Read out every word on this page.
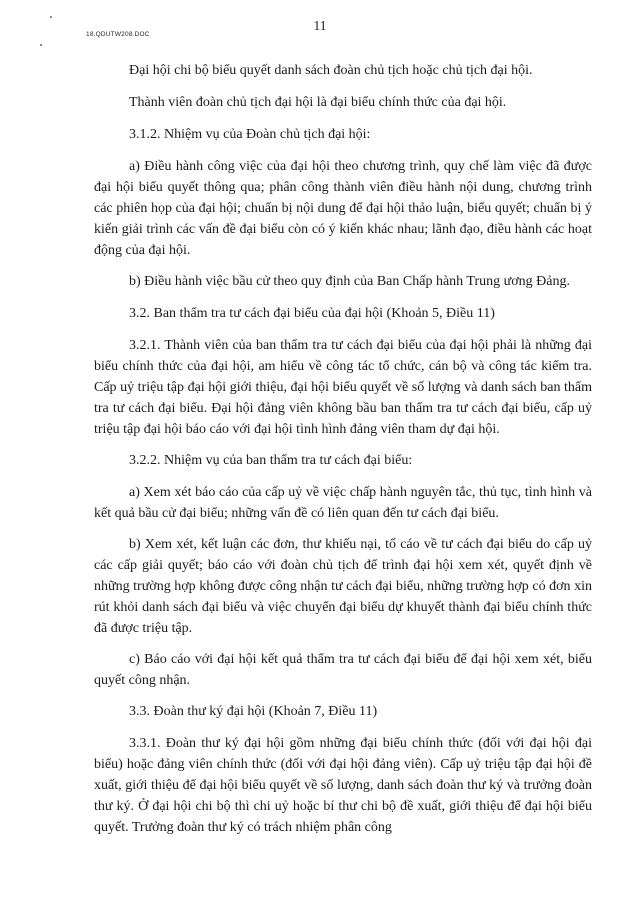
18.QDUTW208.DOC
11

Đại hội chi bộ biểu quyết danh sách đoàn chủ tịch hoặc chủ tịch đại hội.

Thành viên đoàn chủ tịch đại hội là đại biểu chính thức của đại hội.

3.1.2. Nhiệm vụ của Đoàn chủ tịch đại hội:

a) Điều hành công việc của đại hội theo chương trình, quy chế làm việc đã được đại hội biểu quyết thông qua; phân công thành viên điều hành nội dung, chương trình các phiên họp của đại hội; chuẩn bị nội dung để đại hội thảo luận, biểu quyết; chuẩn bị ý kiến giải trình các vấn đề đại biểu còn có ý kiến khác nhau; lãnh đạo, điều hành các hoạt động của đại hội.

b) Điều hành việc bầu cử theo quy định của Ban Chấp hành Trung ương Đảng.

3.2. Ban thẩm tra tư cách đại biểu của đại hội (Khoản 5, Điều 11)

3.2.1. Thành viên của ban thẩm tra tư cách đại biểu của đại hội phải là những đại biểu chính thức của đại hội, am hiểu về công tác tổ chức, cán bộ và công tác kiểm tra. Cấp uỷ triệu tập đại hội giới thiệu, đại hội biểu quyết về số lượng và danh sách ban thẩm tra tư cách đại biểu. Đại hội đảng viên không bầu ban thẩm tra tư cách đại biểu, cấp uỷ triệu tập đại hội báo cáo với đại hội tình hình đảng viên tham dự đại hội.

3.2.2. Nhiệm vụ của ban thẩm tra tư cách đại biểu:

a) Xem xét báo cáo của cấp uỷ về việc chấp hành nguyên tắc, thủ tục, tình hình và kết quả bầu cử đại biểu; những vấn đề có liên quan đến tư cách đại biểu.

b) Xem xét, kết luận các đơn, thư khiếu nại, tố cáo về tư cách đại biểu do cấp uỷ các cấp giải quyết; báo cáo với đoàn chủ tịch để trình đại hội xem xét, quyết định về những trường hợp không được công nhận tư cách đại biểu, những trường hợp có đơn xin rút khỏi danh sách đại biểu và việc chuyển đại biểu dự khuyết thành đại biểu chính thức đã được triệu tập.

c) Báo cáo với đại hội kết quả thẩm tra tư cách đại biểu để đại hội xem xét, biểu quyết công nhận.

3.3. Đoàn thư ký đại hội (Khoản 7, Điều 11)

3.3.1. Đoàn thư ký đại hội gồm những đại biểu chính thức (đối với đại hội đại biểu) hoặc đảng viên chính thức (đối với đại hội đảng viên). Cấp uỷ triệu tập đại hội đề xuất, giới thiệu để đại hội biểu quyết về số lượng, danh sách đoàn thư ký và trưởng đoàn thư ký. Ở đại hội chi bộ thì chi uỷ hoặc bí thư chi bộ đề xuất, giới thiệu để đại hội biểu quyết. Trưởng đoàn thư ký có trách nhiệm phân công
